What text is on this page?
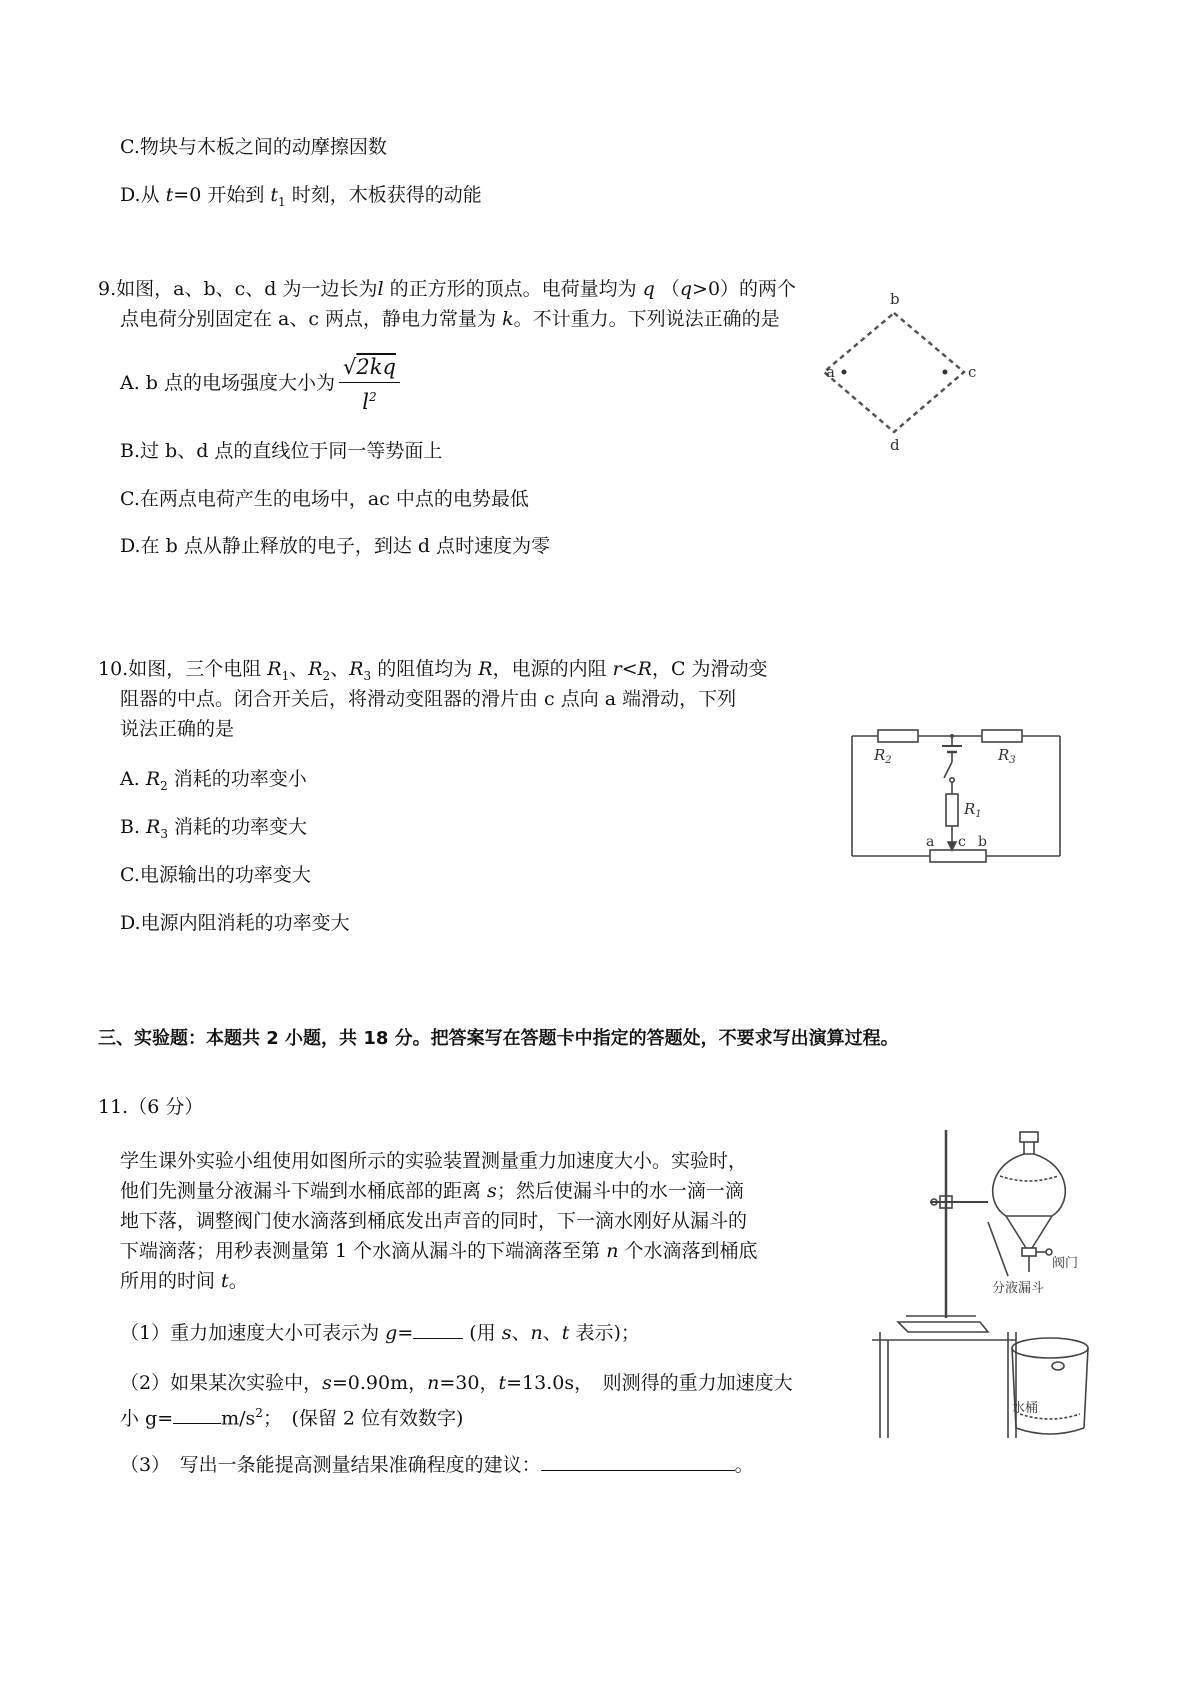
C.物块与木板之间的动摩擦因数
D.从 t=0 开始到 $t_1$ 时刻，木板获得的动能
9.如图，a、b、c、d 为一边长为l 的正方形的顶点。电荷量均为 q （q>0）的两个
点电荷分别固定在 a、c 两点，静电力常量为 k。不计重力。下列说法正确的是
A. b 点的电场强度大小为 $\frac{√2kq}{l^2}$
B.过 b、d 点的直线位于同一等势面上
C.在两点电荷产生的电场中，ac 中点的电势最低
D.在 b 点从静止释放的电子，到达 d 点时速度为零
b
a	c
d
10.如图，三个电阻 $R_1$、$R_2$、$R_3$ 的阻值均为 R，电源的内阻 r<R，C 为滑动变
阻器的中点。闭合开关后，将滑动变阻器的滑片由 c 点向 a 端滑动，下列
说法正确的是
A. $R_2$ 消耗的功率变小
B. $R_3$ 消耗的功率变大
C.电源输出的功率变大
D.电源内阻消耗的功率变大
$R_2$	$R_3$
$R_1$
a c b
三、实验题：本题共 2 小题，共 18 分。把答案写在答题卡中指定的答题处，不要求写出演算过程。
11.（6 分）
学生课外实验小组使用如图所示的实验装置测量重力加速度大小。实验时，
他们先测量分液漏斗下端到水桶底部的距离 s；然后使漏斗中的水一滴一滴
地下落，调整阀门使水滴落到桶底发出声音的同时，下一滴水刚好从漏斗的
下端滴落；用秒表测量第 1 个水滴从漏斗的下端滴落至第 n 个水滴落到桶底
所用的时间 t。
（1）重力加速度大小可表示为 g=	(用 s、n、t 表示)；
（2）如果某次实验中，s=0.90m，n=30，t=13.0s，　则测得的重力加速度大
小 g=	$m/s^2$；　(保留 2 位有效数字)
（3）　写出一条能提高测量结果准确程度的建议：	。
阀门
分液漏斗
水桶
